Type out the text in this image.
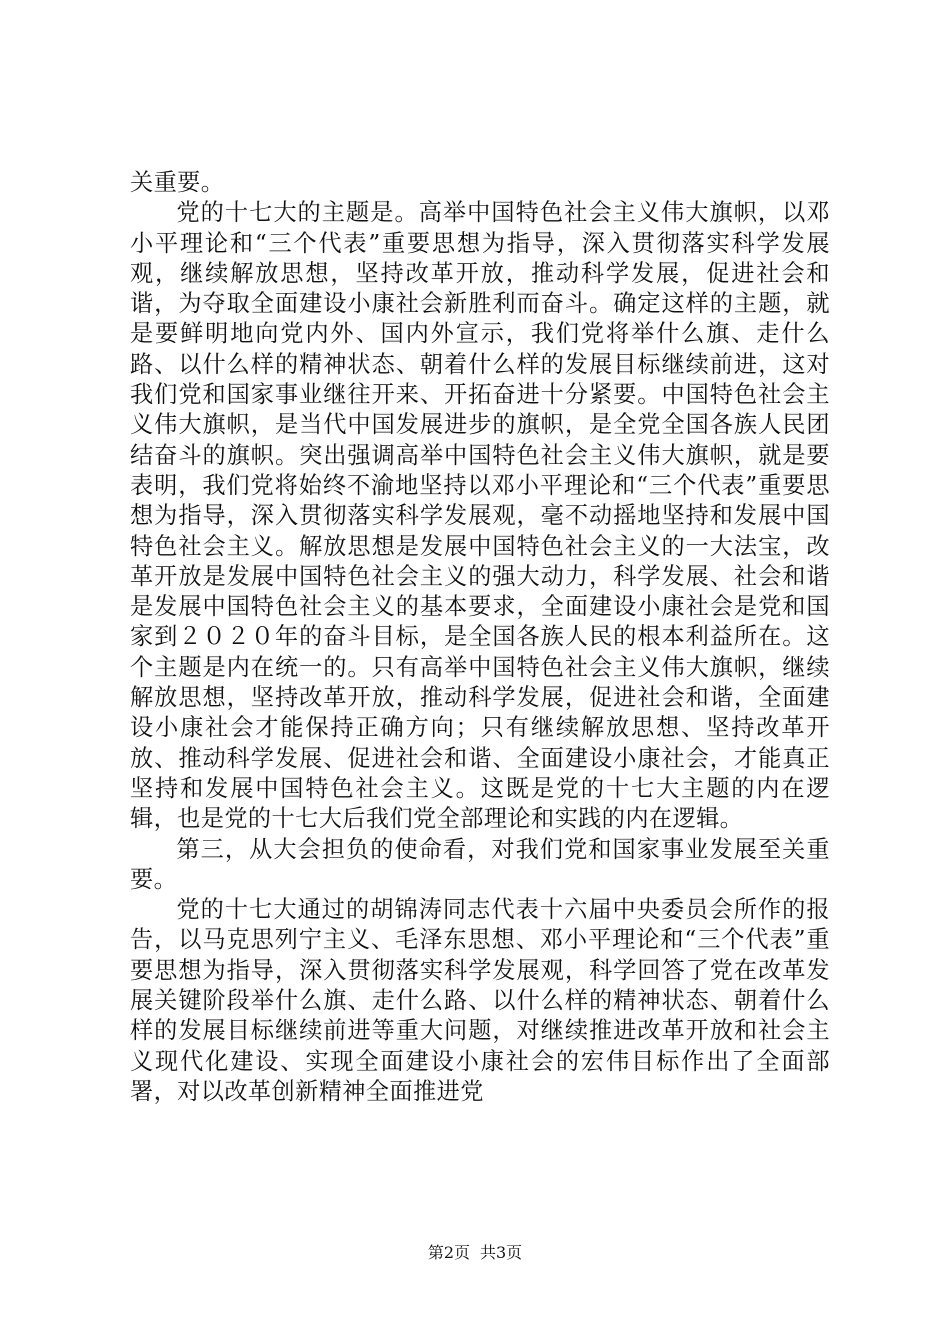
关重要。

党的十七大的主题是。高举中国特色社会主义伟大旗帜，以邓小平理论和“三个代表”重要思想为指导，深入贯彻落实科学发展观，继续解放思想，坚持改革开放，推动科学发展，促进社会和谐，为夺取全面建设小康社会新胜利而奋斗。确定这样的主题，就是要鲜明地向党内外、国内外宣示，我们党将举什么旗、走什么路、以什么样的精神状态、朝着什么样的发展目标继续前进，这对我们党和国家事业继往开来、开拓奋进十分紧要。中国特色社会主义伟大旗帜，是当代中国发展进步的旗帜，是全党全国各族人民团结奋斗的旗帜。突出强调高举中国特色社会主义伟大旗帜，就是要表明，我们党将始终不渝地坚持以邓小平理论和“三个代表”重要思想为指导，深入贯彻落实科学发展观，毫不动摇地坚持和发展中国特色社会主义。解放思想是发展中国特色社会主义的一大法宝，改革开放是发展中国特色社会主义的强大动力，科学发展、社会和谐是发展中国特色社会主义的基本要求，全面建设小康社会是党和国家到２０２０年的奋斗目标，是全国各族人民的根本利益所在。这个主题是内在统一的。只有高举中国特色社会主义伟大旗帜，继续解放思想，坚持改革开放，推动科学发展，促进社会和谐，全面建设小康社会才能保持正确方向；只有继续解放思想、坚持改革开放、推动科学发展、促进社会和谐、全面建设小康社会，才能真正坚持和发展中国特色社会主义。这既是党的十七大主题的内在逻辑，也是党的十七大后我们党全部理论和实践的内在逻辑。

第三，从大会担负的使命看，对我们党和国家事业发展至关重要。

党的十七大通过的胡锦涛同志代表十六届中央委员会所作的报告，以马克思列宁主义、毛泽东思想、邓小平理论和“三个代表”重要思想为指导，深入贯彻落实科学发展观，科学回答了党在改革发展关键阶段举什么旗、走什么路、以什么样的精神状态、朝着什么样的发展目标继续前进等重大问题，对继续推进改革开放和社会主义现代化建设、实现全面建设小康社会的宏伟目标作出了全面部署，对以改革创新精神全面推进党

第2页 共3页
